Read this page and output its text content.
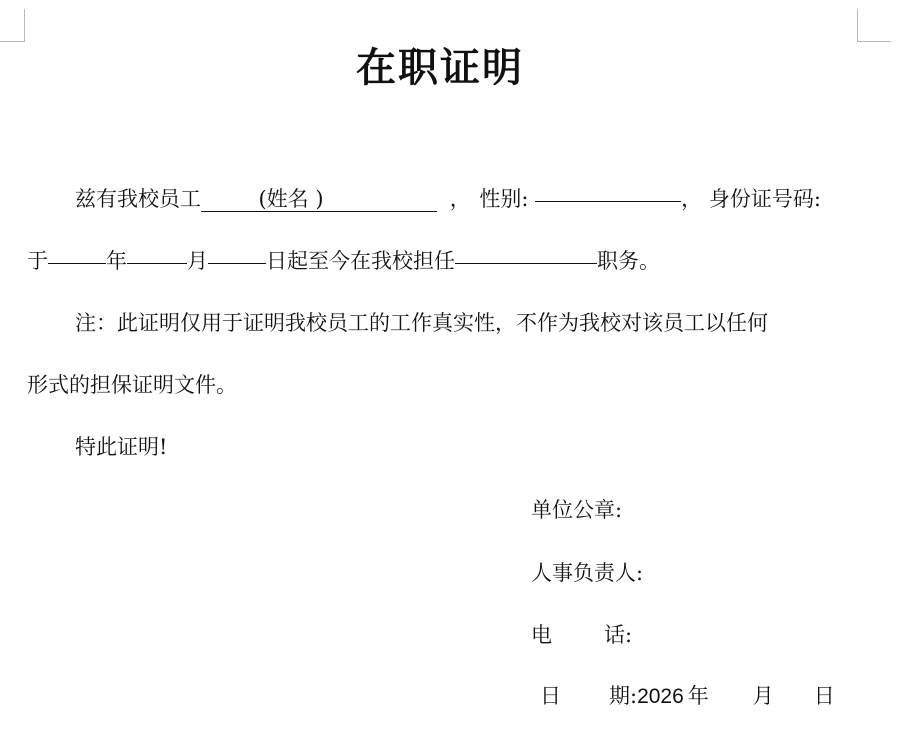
在职证明
兹有我校员工	(姓名 )	， 性别:	， 身份证号码:
于	年	月	日起至今在我校担任	职务。
注：此证明仅用于证明我校员工的工作真实性，不作为我校对该员工以任何
形式的担保证明文件。
特此证明!
单位公章:
人事负责人:
电 话:
日 期:2026 年 月 日
